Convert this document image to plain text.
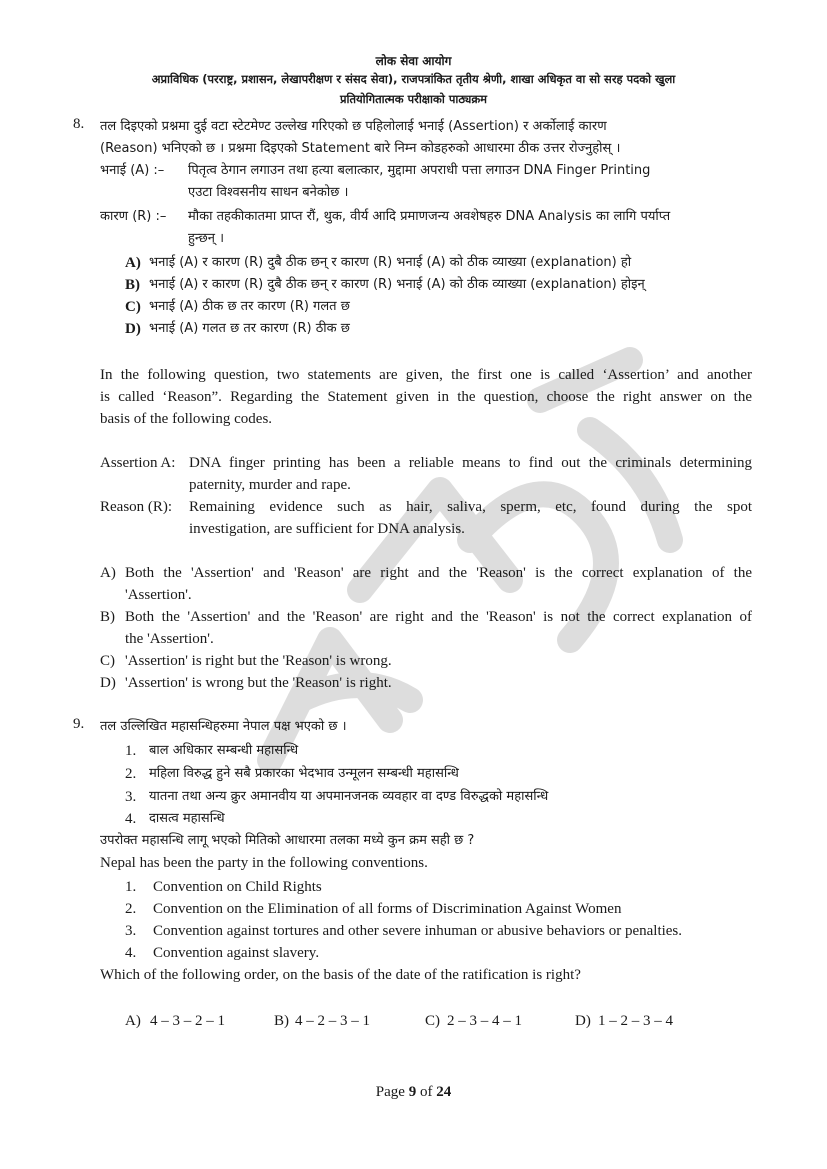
लोक सेवा आयोग
अप्राविधिक (परराष्ट्र, प्रशासन, लेखापरीक्षण र संसद सेवा), राजपत्रांकित तृतीय श्रेणी, शाखा अधिकृत वा सो सरह पदको खुला
प्रतियोगितात्मक परीक्षाको पाठ्यक्रम
8. तल दिइएको प्रश्नमा दुई वटा स्टेटमेण्ट उल्लेख गरिएको छ पहिलोलाई भनाई (Assertion) र अर्कोलाई कारण
(Reason) भनिएको छ । प्रश्नमा दिइएको Statement बारे निम्न कोडहरुको आधारमा ठीक उत्तर रोज्नुहोस् ।
भनाई (A) :– पितृत्व ठेगान लगाउन तथा हत्या बलात्कार, मुद्दामा अपराधी पत्ता लगाउन DNA Finger Printing
एउटा विश्वसनीय साधन बनेकोछ ।
कारण (R) :– मौका तहकीकातमा प्राप्त रौं, थुक, वीर्य आदि प्रमाणजन्य अवशेषहरु DNA Analysis का लागि पर्याप्त
हुन्छन् ।
A) भनाई (A) र कारण (R) दुबै ठीक छन् र कारण (R) भनाई (A) को ठीक व्याख्या (explanation) हो
B) भनाई (A) र कारण (R) दुबै ठीक छन् र कारण (R) भनाई (A) को ठीक व्याख्या (explanation) होइन्
C) भनाई (A) ठीक छ तर कारण (R) गलत छ
D) भनाई (A) गलत छ तर कारण (R) ठीक छ
In the following question, two statements are given, the first one is called ‘Assertion’ and another
is called ‘Reason”. Regarding the Statement given in the question, choose the right answer on the
basis of the following codes.
Assertion A: DNA finger printing has been a reliable means to find out the criminals determining
paternity, murder and rape.
Reason (R): Remaining evidence such as hair, saliva, sperm, etc, found during the spot
investigation, are sufficient for DNA analysis.
A) Both the 'Assertion' and 'Reason' are right and the 'Reason' is the correct explanation of the
'Assertion'.
B) Both the 'Assertion' and the 'Reason' are right and the 'Reason' is not the correct explanation of
the 'Assertion'.
C) 'Assertion' is right but the 'Reason' is wrong.
D) 'Assertion' is wrong but the 'Reason' is right.
9. तल उल्लिखित महासन्धिहरुमा नेपाल पक्ष भएको छ ।
1. बाल अधिकार सम्बन्धी महासन्धि
2. महिला विरुद्ध हुने सबै प्रकारका भेदभाव उन्मूलन सम्बन्धी महासन्धि
3. यातना तथा अन्य क्रुर अमानवीय या अपमानजनक व्यवहार वा दण्ड विरुद्धको महासन्धि
4. दासत्व महासन्धि
उपरोक्त महासन्धि लागू भएको मितिको आधारमा तलका मध्ये कुन क्रम सही छ ?
Nepal has been the party in the following conventions.
1. Convention on Child Rights
2. Convention on the Elimination of all forms of Discrimination Against Women
3. Convention against tortures and other severe inhuman or abusive behaviors or penalties.
4. Convention against slavery.
Which of the following order, on the basis of the date of the ratification is right?
A) 4 – 3 – 2 – 1	B) 4 – 2 – 3 – 1	C) 2 – 3 – 4 – 1	D) 1 – 2 – 3 – 4
Page 9 of 24
